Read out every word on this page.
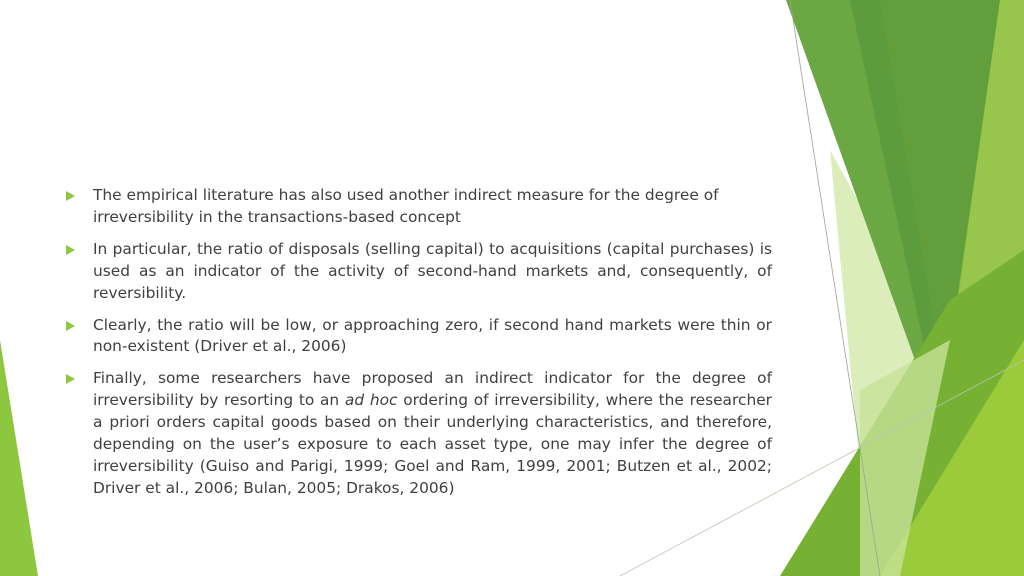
The empirical literature has also used another indirect measure for the degree of irreversibility in the transactions-based concept
In particular, the ratio of disposals (selling capital) to acquisitions (capital purchases) is used as an indicator of the activity of second-hand markets and, consequently, of reversibility.
Clearly, the ratio will be low, or approaching zero, if second hand markets were thin or non-existent (Driver et al., 2006)
Finally, some researchers have proposed an indirect indicator for the degree of irreversibility by resorting to an ad hoc ordering of irreversibility, where the researcher a priori orders capital goods based on their underlying characteristics, and therefore, depending on the user’s exposure to each asset type, one may infer the degree of irreversibility (Guiso and Parigi, 1999; Goel and Ram, 1999, 2001; Butzen et al., 2002; Driver et al., 2006; Bulan, 2005; Drakos, 2006)
